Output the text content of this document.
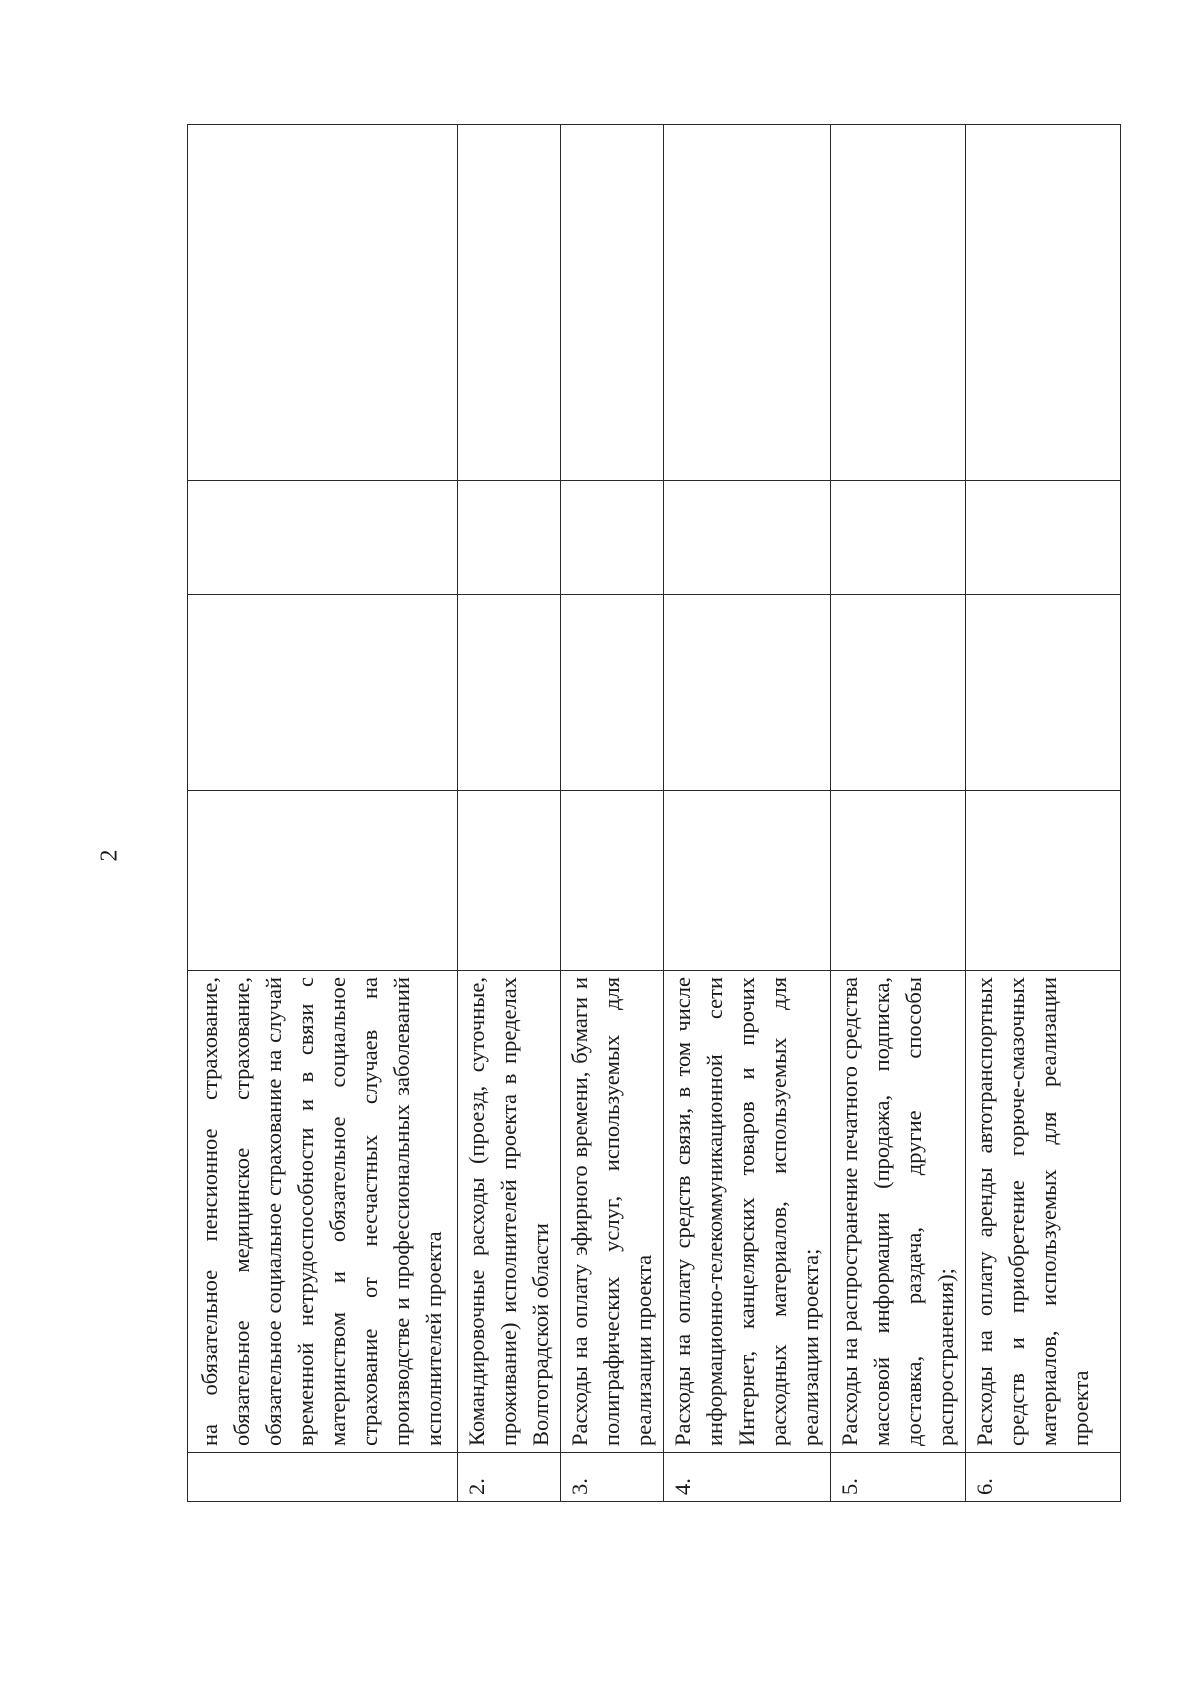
2
	на обязательное пенсионное страхование, обязательное медицинское страхование, обязательное социальное страхование на случай временной нетрудоспособности и в связи с материнством и обязательное социальное страхование от несчастных случаев на производстве и профессиональных заболеваний исполнителей проекта				
2.	Командировочные расходы (проезд, суточные, проживание) исполнителей проекта в пределах Волгоградской области				
3.	Расходы на оплату эфирного времени, бумаги и полиграфических услуг, используемых для реализации проекта				
4.	Расходы на оплату средств связи, в том числе информационно-телекоммуникационной сети Интернет, канцелярских товаров и прочих расходных материалов, используемых для реализации проекта;				
5.	Расходы на распространение печатного средства массовой информации (продажа, подписка, доставка, раздача, другие способы распространения);				
6.	Расходы на оплату аренды автотранспортных средств и приобретение горюче-смазочных материалов, используемых для реализации проекта				
